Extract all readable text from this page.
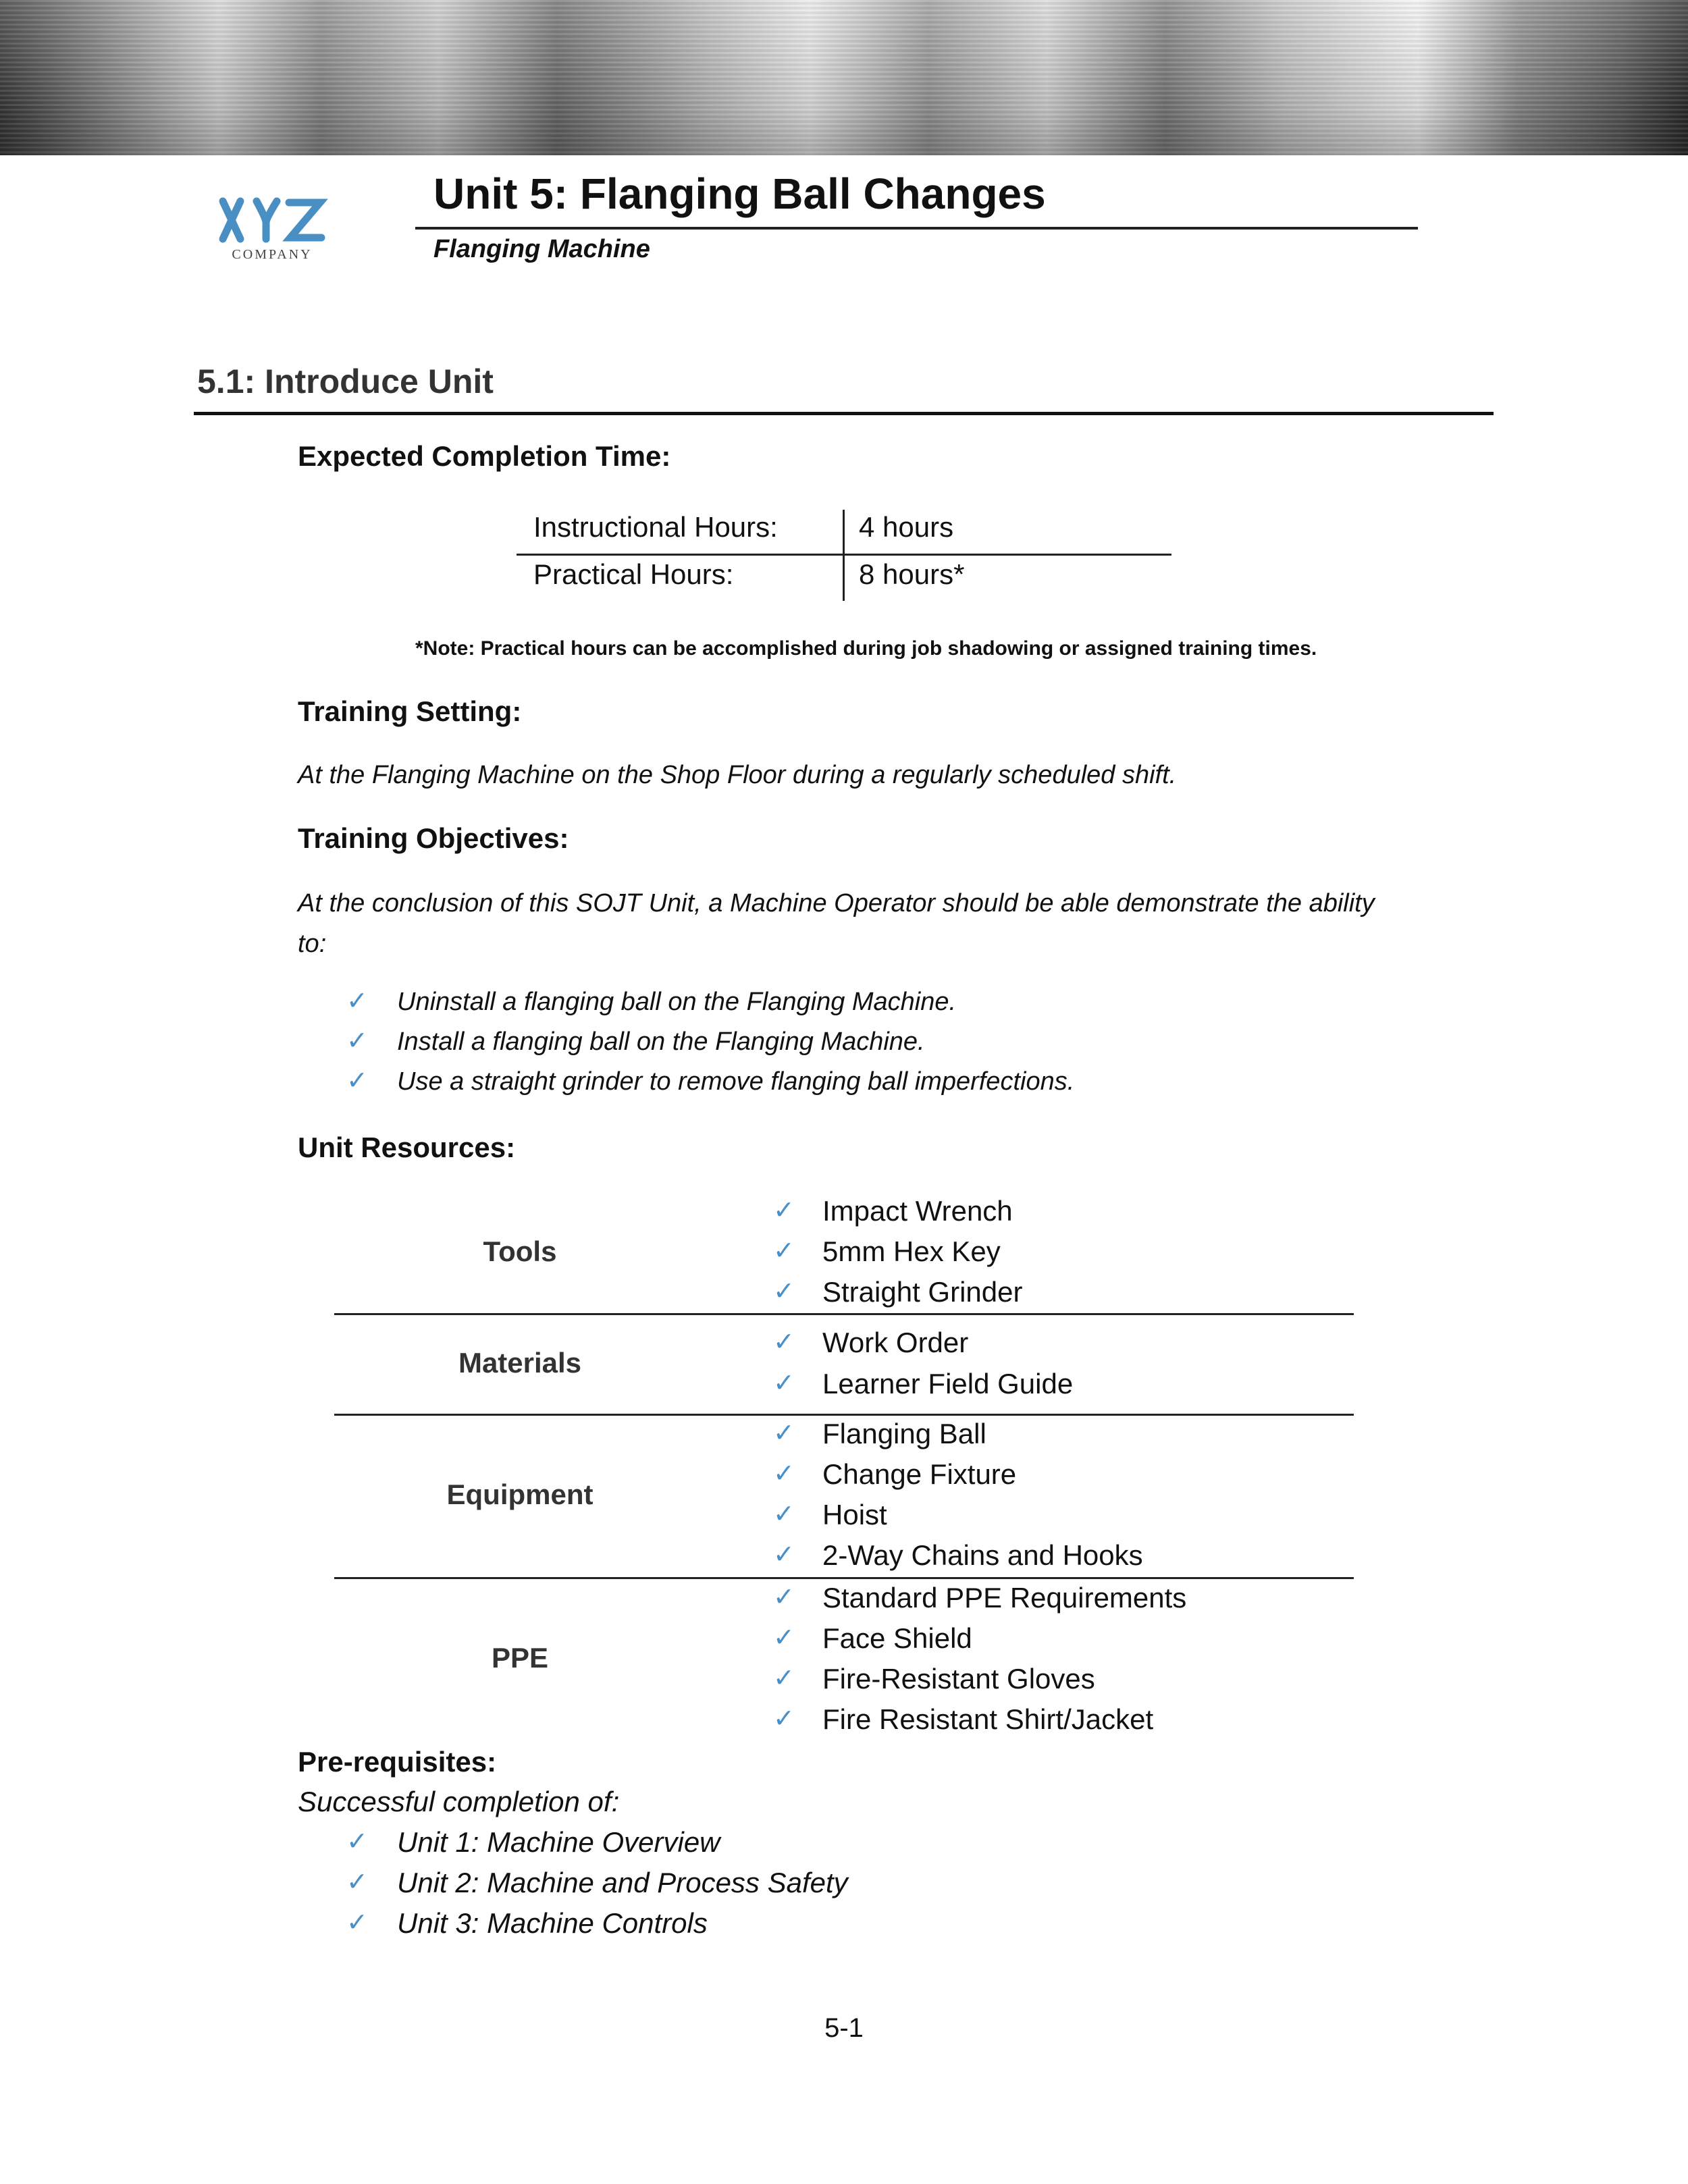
COMPANY
Unit 5: Flanging Ball Changes
Flanging Machine
5.1: Introduce Unit
Expected Completion Time:
Instructional Hours:	4 hours
Practical Hours:	8 hours*
*Note: Practical hours can be accomplished during job shadowing or assigned training times.
Training Setting:
At the Flanging Machine on the Shop Floor during a regularly scheduled shift.
Training Objectives:
At the conclusion of this SOJT Unit, a Machine Operator should be able demonstrate the ability
to:
✓ Uninstall a flanging ball on the Flanging Machine.
✓ Install a flanging ball on the Flanging Machine.
✓ Use a straight grinder to remove flanging ball imperfections.
Unit Resources:
Tools
✓ Impact Wrench
✓ 5mm Hex Key
✓ Straight Grinder
Materials
✓ Work Order
✓ Learner Field Guide
Equipment
✓ Flanging Ball
✓ Change Fixture
✓ Hoist
✓ 2-Way Chains and Hooks
PPE
✓ Standard PPE Requirements
✓ Face Shield
✓ Fire-Resistant Gloves
✓ Fire Resistant Shirt/Jacket
Pre-requisites:
Successful completion of:
✓ Unit 1: Machine Overview
✓ Unit 2: Machine and Process Safety
✓ Unit 3: Machine Controls
5-1
